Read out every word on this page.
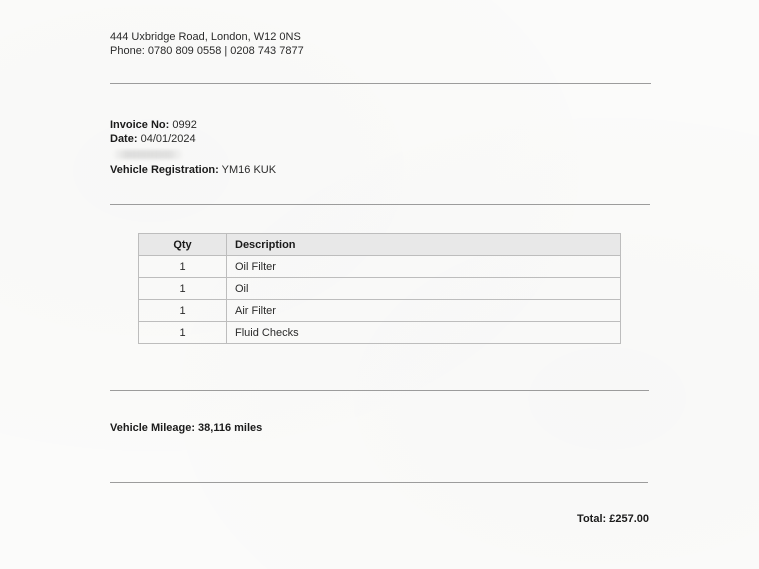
444 Uxbridge Road, London, W12 0NS
Phone: 0780 809 0558 | 0208 743 7877
Invoice No: 0992
Date: 04/01/2024
Vehicle Registration: YM16 KUK
Qty	Description
1	Oil Filter
1	Oil
1	Air Filter
1	Fluid Checks
Vehicle Mileage: 38,116 miles
Total: £257.00
